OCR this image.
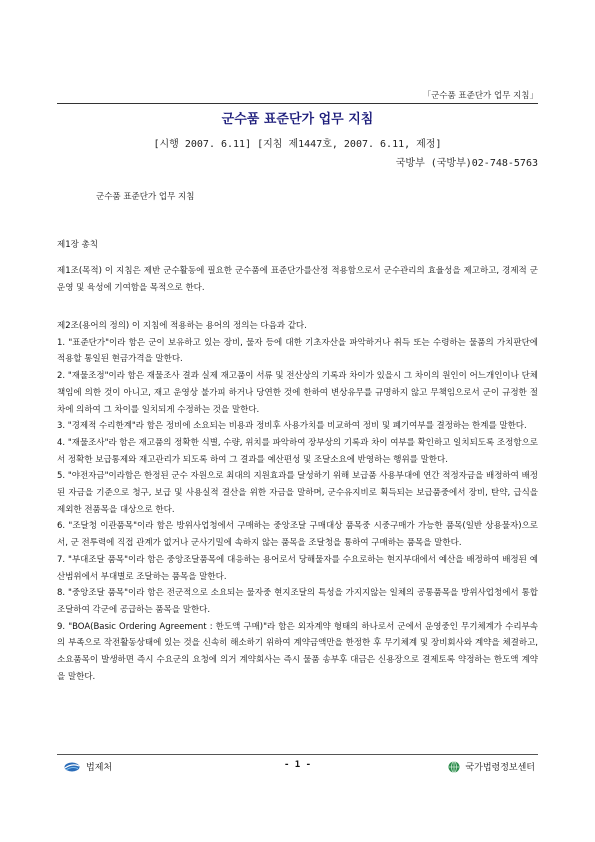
「군수품 표준단가 업무 지침」
군수품 표준단가 업무 지침
[시행 2007. 6.11] [지침 제1447호, 2007. 6.11, 제정]
국방부 (국방부)02-748-5763
군수품 표준단가 업무 지침
제1장 총칙

제1조(목적) 이 지침은 제반 군수활동에 필요한 군수품에 표준단가를산정 적용함으로서 군수관리의 효율성을 제고하고, 경제적 군 운영 및 육성에 기여함을 목적으로 한다.

제2조(용어의 정의) 이 지침에 적용하는 용어의 정의는 다음과 같다.

1. "표준단가"이라 함은 군이 보유하고 있는 장비, 물자 등에 대한 기초자산을 파악하거나 취득 또는 수령하는 물품의 가치판단에 적용할 통일된 현금가격을 말한다.

2. "재물조정"이라 함은 재물조사 결과 실제 재고품이 서류 및 전산상의 기록과 차이가 있을시 그 차이의 원인이 어느개인이나 단체 책임에 의한 것이 아니고, 재고 운영상 불가피 하거나 당연한 것에 한하여 변상유무를 규명하지 않고 무책임으로서 군이 규정한 절차에 의하여 그 차이를 일치되게 수정하는 것을 말한다.

3. "경제적 수리한계"라 함은 정비에 소요되는 비용과 정비후 사용가치를 비교하여 정비 및 폐기여부를 결정하는 한계를 말한다.

4. "재물조사"라 함은 재고품의 정확한 식별, 수량, 위치를 파악하여 장부상의 기록과 차이 여부를 확인하고 일치되도록 조정함으로서 정확한 보급통제와 재고관리가 되도록 하여 그 결과를 예산편성 및 조달소요에 반영하는 행위를 말한다.

5. "야전자금"이라함은 한정된 군수 자원으로 최대의 지원효과를 달성하기 위해 보급품 사용부대에 연간 적정자금을 배정하여 배정된 자금을 기준으로 청구, 보급 및 사용실적 결산을 위한 자금을 말하며, 군수유지비로 획득되는 보급품중에서 장비, 탄약, 급식을 제외한 전품목을 대상으로 한다.

6. "조달청 이관품목"이라 함은 방위사업청에서 구매하는 중앙조달 구매대상 품목중 시중구매가 가능한 품목(일반 상용물자)으로서, 군 전투력에 직접 관계가 없거나 군사기밀에 속하지 않는 품목을 조달청을 통하여 구매하는 품목을 말한다.

7. "부대조달 품목"이라 함은 중앙조달품목에 대응하는 용어로서 당해물자를 수요로하는 현지부대에서 예산을 배정하여 배정된 예산범위에서 부대별로 조달하는 품목을 말한다.

8. "중앙조달 품목"이라 함은 전군적으로 소요되는 물자중 현지조달의 특성을 가지지않는 일체의 공통품목을 방위사업청에서 통합 조달하여 각군에 공급하는 품목을 말한다.

9. "BOA(Basic Ordering Agreement : 한도액 구매)"라 함은 외자계약 형태의 하나로서 군에서 운영중인 무기체계가 수리부속의 부족으로 작전활동상태에 있는 것을 신속히 해소하기 위하여 계약금액만을 한정한 후 무기체계 및 장비회사와 계약을 체결하고, 소요품목이 발생하면 즉시 수요군의 요청에 의거 계약회사는 즉시 물품 송부후 대금은 신용장으로 결제토록 약정하는 한도액 계약을 말한다.

법제처	- 1 -	국가법령정보센터
